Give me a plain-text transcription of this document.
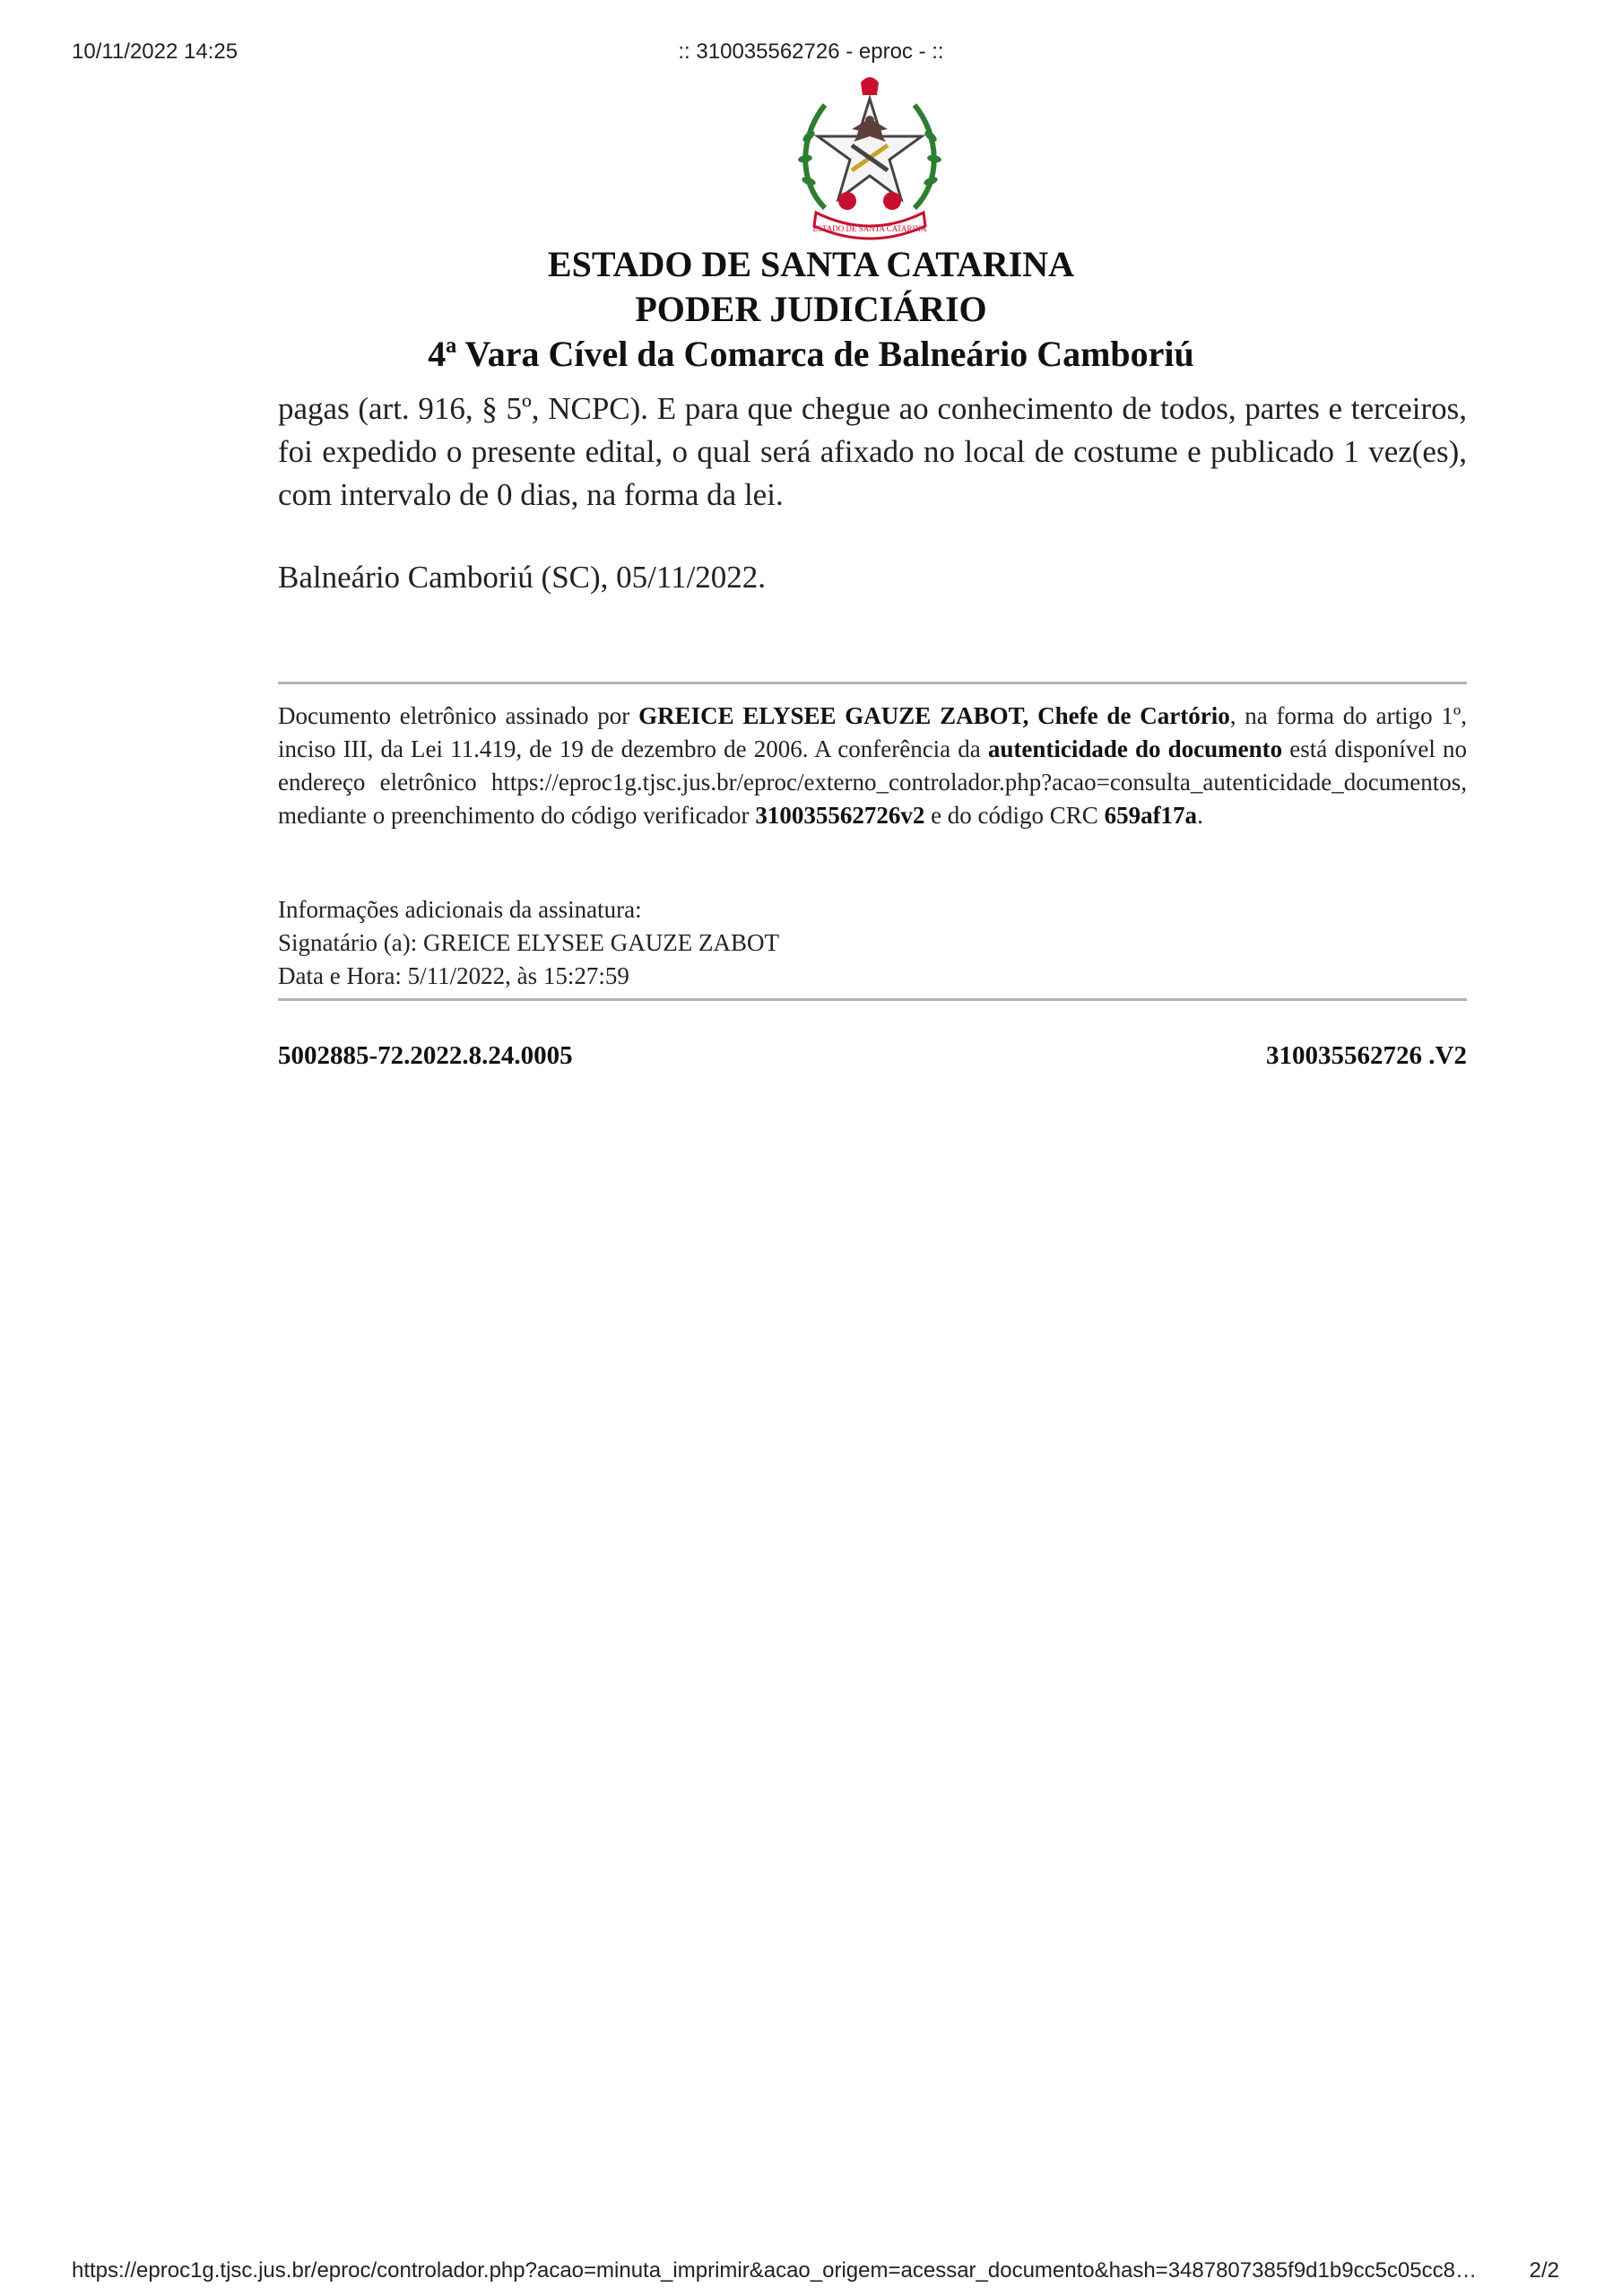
10/11/2022 14:25	:: 310035562726 - eproc - ::
ESTADO DE SANTA CATARINA
ESTADO DE SANTA CATARINA
PODER JUDICIÁRIO
4ª Vara Cível da Comarca de Balneário Camboriú
pagas (art. 916, § 5º, NCPC). E para que chegue ao conhecimento de todos, partes e terceiros, foi expedido o presente edital, o qual será afixado no local de costume e publicado 1 vez(es), com intervalo de 0 dias, na forma da lei.
Balneário Camboriú (SC), 05/11/2022.
Documento eletrônico assinado por GREICE ELYSEE GAUZE ZABOT, Chefe de Cartório, na forma do artigo 1º, inciso III, da Lei 11.419, de 19 de dezembro de 2006. A conferência da autenticidade do documento está disponível no endereço eletrônico https://eproc1g.tjsc.jus.br/eproc/externo_controlador.php?acao=consulta_autenticidade_documentos, mediante o preenchimento do código verificador 310035562726v2 e do código CRC 659af17a.
Informações adicionais da assinatura:
Signatário (a): GREICE ELYSEE GAUZE ZABOT
Data e Hora: 5/11/2022, às 15:27:59
5002885-72.2022.8.24.0005	310035562726 .V2
https://eproc1g.tjsc.jus.br/eproc/controlador.php?acao=minuta_imprimir&acao_origem=acessar_documento&hash=3487807385f9d1b9cc5c05cc8… 2/2
